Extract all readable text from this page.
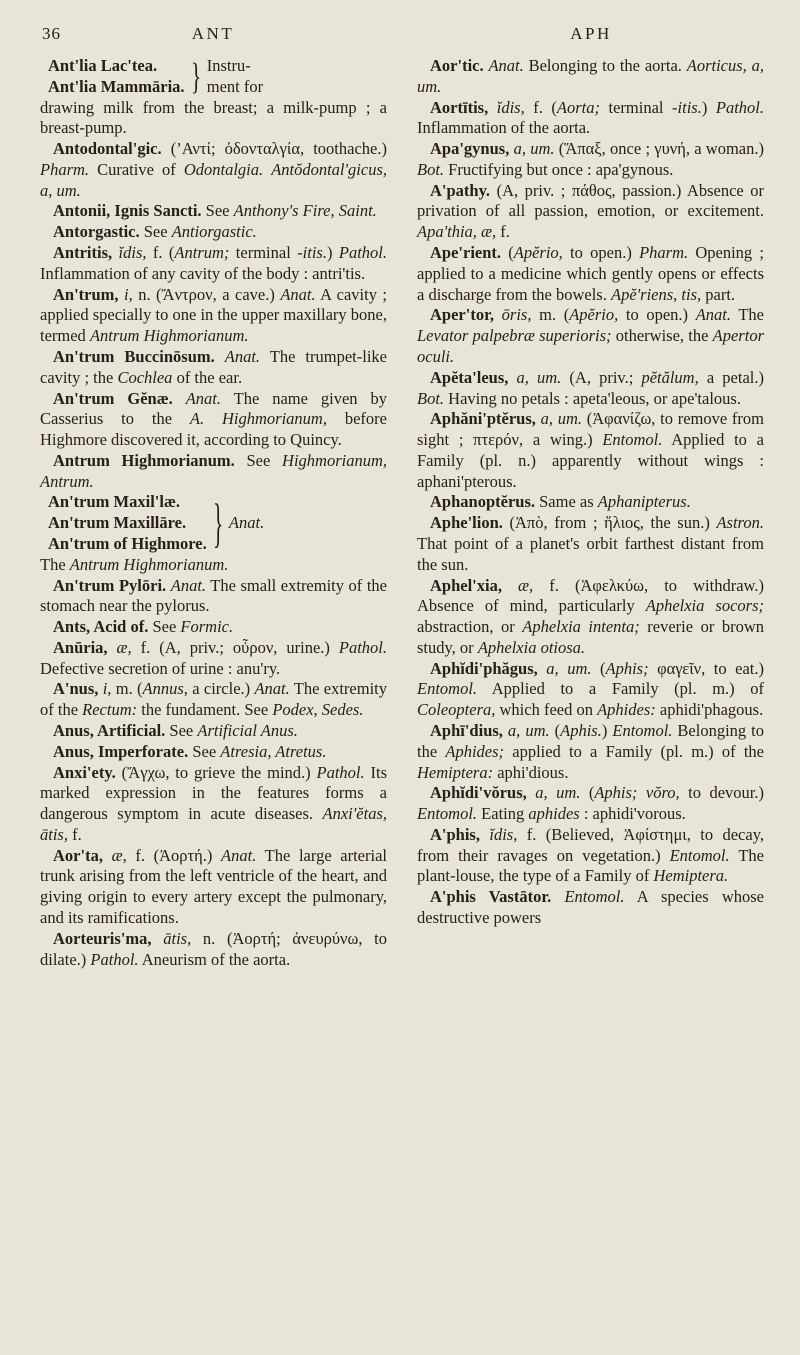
36	ANT	APH
Ant'lia Lac'tea.
Ant'lia Mammāria. } Instru-
ment for

drawing milk from the breast; a milk-pump ; a breast-pump.

Antodontal'gic. (’Αντί; ὀδονταλγία, toothache.) Pharm. Curative of Odontalgia. Antŏdontal'gicus, a, um.

Antonii, Ignis Sancti. See Anthony's Fire, Saint.

Antorgastic. See Antiorgastic.

Antritis, ĭdis, f. (Antrum; terminal -itis.) Pathol. Inflammation of any cavity of the body : antri'tis.

An'trum, i, n. (Ἄντρον, a cave.) Anat. A cavity ; applied specially to one in the upper maxillary bone, termed Antrum Highmorianum.

An'trum Buccinōsum. Anat. The trumpet-like cavity ; the Cochlea of the ear.

An'trum Gĕnæ. Anat. The name given by Casserius to the A. Highmorianum, before Highmore discovered it, according to Quincy.

Antrum Highmorianum. See Highmorianum, Antrum.

An'trum Maxil'læ.
An'trum Maxillāre.
An'trum of Highmore. } Anat.

The Antrum Highmorianum.

An'trum Pylōri. Anat. The small extremity of the stomach near the pylorus.

Ants, Acid of. See Formic.

Anūria, æ, f. (A, priv.; οὖρον, urine.) Pathol. Defective secretion of urine : anu'ry.

A'nus, i, m. (Annus, a circle.) Anat. The extremity of the Rectum: the fundament. See Podex, Sedes.

Anus, Artificial. See Artificial Anus.

Anus, Imperforate. See Atresia, Atretus.

Anxi'ety. (Ἄγχω, to grieve the mind.) Pathol. Its marked expression in the features forms a dangerous symptom in acute diseases. Anxi'ĕtas, ātis, f.

Aor'ta, æ, f. (Ἀορτή.) Anat. The large arterial trunk arising from the left ventricle of the heart, and giving origin to every artery except the pulmonary, and its ramifications.

Aorteuris'ma, ātis, n. (Ἀορτή; ἀνευρύνω, to dilate.) Pathol. Aneurism of the aorta.

Aor'tic. Anat. Belonging to the aorta. Aorticus, a, um.

Aortītis, ĭdis, f. (Aorta; terminal -itis.) Pathol. Inflammation of the aorta.

Apa'gynus, a, um. (Ἅπαξ, once ; γυνή, a woman.) Bot. Fructifying but once : apa'gynous.

A'pathy. (A, priv. ; πάθος, passion.) Absence or privation of all passion, emotion, or excitement. Apa'thia, æ, f.

Ape'rient. (Apĕrio, to open.) Pharm. Opening ; applied to a medicine which gently opens or effects a discharge from the bowels. Apĕ'riens, tis, part.

Aper'tor, ōris, m. (Apĕrio, to open.) Anat. The Levator palpebræ superioris; otherwise, the Apertor oculi.

Apĕta'leus, a, um. (A, priv.; pĕtălum, a petal.) Bot. Having no petals : apeta'leous, or ape'talous.

Aphăni'ptĕrus, a, um. (Ἀφανίζω, to remove from sight ; πτερόν, a wing.) Entomol. Applied to a Family (pl. n.) apparently without wings : aphani'pterous.

Aphanoptĕrus. Same as Aphanipterus.

Aphe'lion. (Ἀπὸ, from ; ἥλιος, the sun.) Astron. That point of a planet's orbit farthest distant from the sun.

Aphel'xia, æ, f. (Ἀφελκύω, to withdraw.) Absence of mind, particularly Aphelxia socors; abstraction, or Aphelxia intenta; reverie or brown study, or Aphelxia otiosa.

Aphĭdi'phăgus, a, um. (Aphis; φαγεῖν, to eat.) Entomol. Applied to a Family (pl. m.) of Coleoptera, which feed on Aphides: aphidi'phagous.

Aphī'dius, a, um. (Aphis.) Entomol. Belonging to the Aphides; applied to a Family (pl. m.) of the Hemiptera: aphi'dious.

Aphĭdi'vŏrus, a, um. (Aphis; vŏro, to devour.) Entomol. Eating aphides : aphidi'vorous.

A'phis, ĭdis, f. (Believed, Ἀφίστημι, to decay, from their ravages on vegetation.) Entomol. The plant-louse, the type of a Family of Hemiptera.

A'phis Vastātor. Entomol. A species whose destructive powers
